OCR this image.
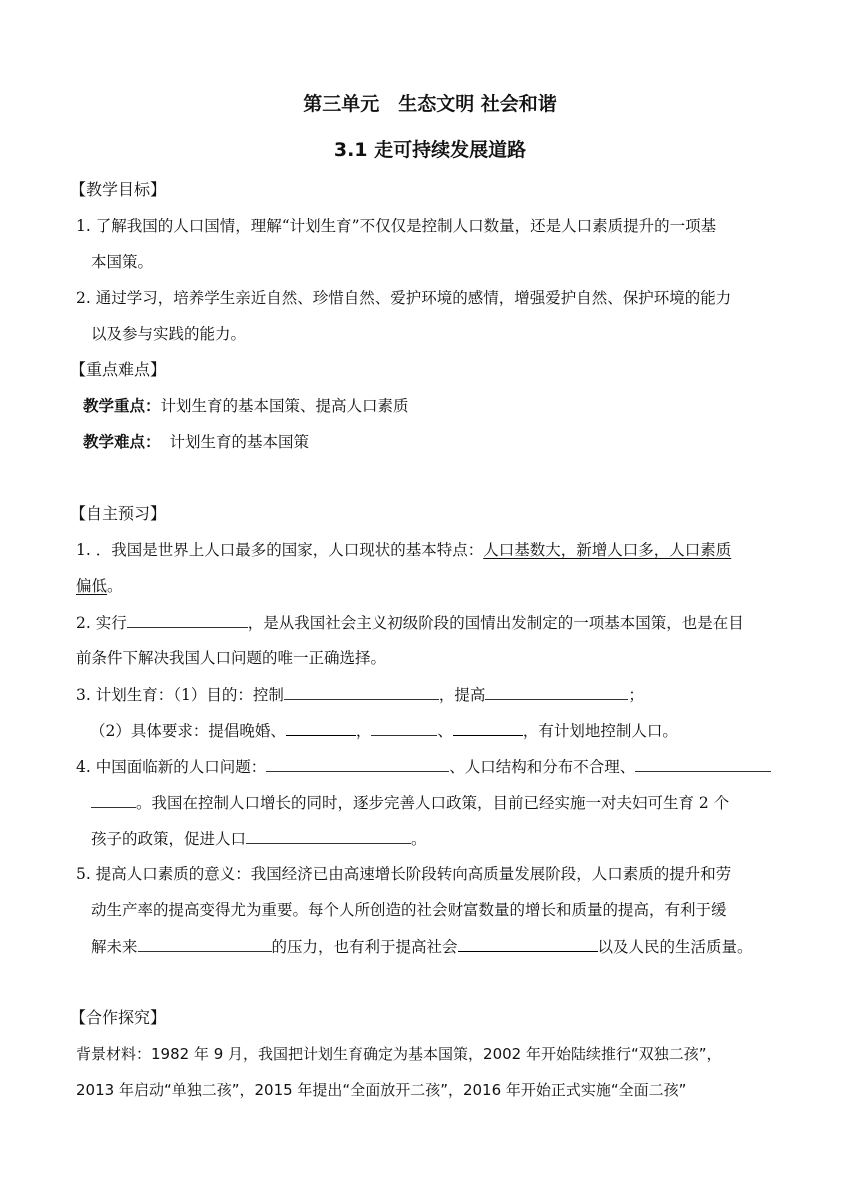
第三单元　生态文明 社会和谐
3.1 走可持续发展道路
【教学目标】
1. 了解我国的人口国情，理解“计划生育”不仅仅是控制人口数量，还是人口素质提升的一项基
本国策。
2. 通过学习，培养学生亲近自然、珍惜自然、爱护环境的感情，增强爱护自然、保护环境的能力
以及参与实践的能力。
【重点难点】
教学重点：计划生育的基本国策、提高人口素质
教学难点： 计划生育的基本国策
【自主预习】
1. ．我国是世界上人口最多的国家，人口现状的基本特点：人口基数大，新增人口多，人口素质
偏低。
2. 实行	，是从我国社会主义初级阶段的国情出发制定的一项基本国策，也是在目
前条件下解决我国人口问题的唯一正确选择。
3. 计划生育：（1）目的：控制	，提高	；
（2）具体要求：提倡晚婚、	，	、	，有计划地控制人口。
4. 中国面临新的人口问题：	、人口结构和分布不合理、
。我国在控制人口增长的同时，逐步完善人口政策，目前已经实施一对夫妇可生育 2 个
孩子的政策，促进人口	。
5. 提高人口素质的意义：我国经济已由高速增长阶段转向高质量发展阶段，人口素质的提升和劳
动生产率的提高变得尤为重要。每个人所创造的社会财富数量的增长和质量的提高，有利于缓
解未来	的压力，也有利于提高社会	以及人民的生活质量。
【合作探究】
背景材料：1982 年 9 月，我国把计划生育确定为基本国策，2002 年开始陆续推行“双独二孩”，
2013 年启动“单独二孩”，2015 年提出“全面放开二孩”，2016 年开始正式实施“全面二孩”
